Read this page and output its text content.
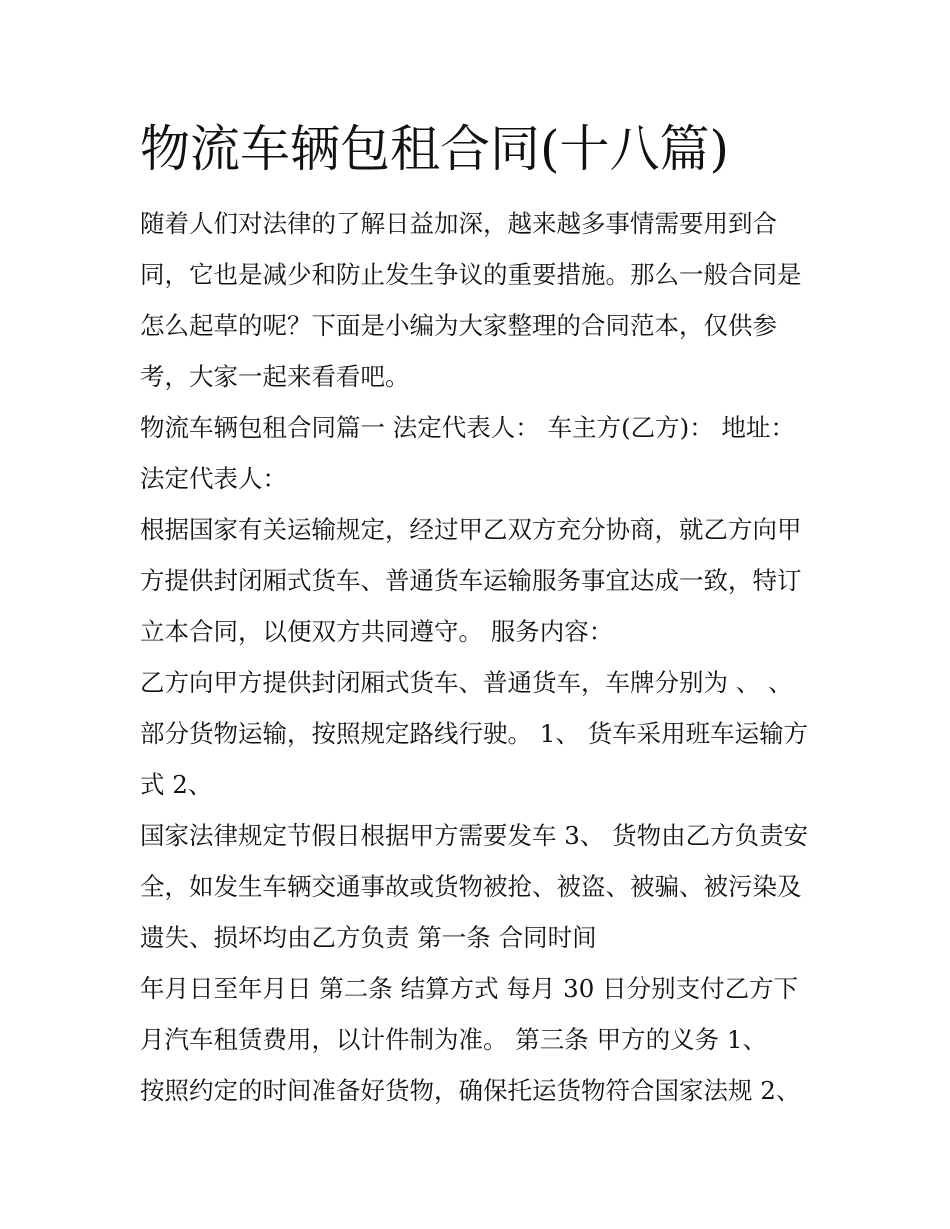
物流车辆包租合同(十八篇)

随着人们对法律的了解日益加深，越来越多事情需要用到合

同，它也是减少和防止发生争议的重要措施。那么一般合同是

怎么起草的呢？下面是小编为大家整理的合同范本，仅供参

考，大家一起来看看吧。

物流车辆包租合同篇一 法定代表人： 车主方(乙方)： 地址：

法定代表人：

根据国家有关运输规定，经过甲乙双方充分协商，就乙方向甲

方提供封闭厢式货车、普通货车运输服务事宜达成一致，特订

立本合同，以便双方共同遵守。 服务内容：

乙方向甲方提供封闭厢式货车、普通货车，车牌分别为 、 、

部分货物运输，按照规定路线行驶。 1、 货车采用班车运输方

式 2、

国家法律规定节假日根据甲方需要发车 3、 货物由乙方负责安

全，如发生车辆交通事故或货物被抢、被盗、被骗、被污染及

遗失、损坏均由乙方负责 第一条 合同时间

年月日至年月日 第二条 结算方式 每月 30 日分别支付乙方下

月汽车租赁费用，以计件制为准。 第三条 甲方的义务 1、

按照约定的时间准备好货物，确保托运货物符合国家法规 2、
